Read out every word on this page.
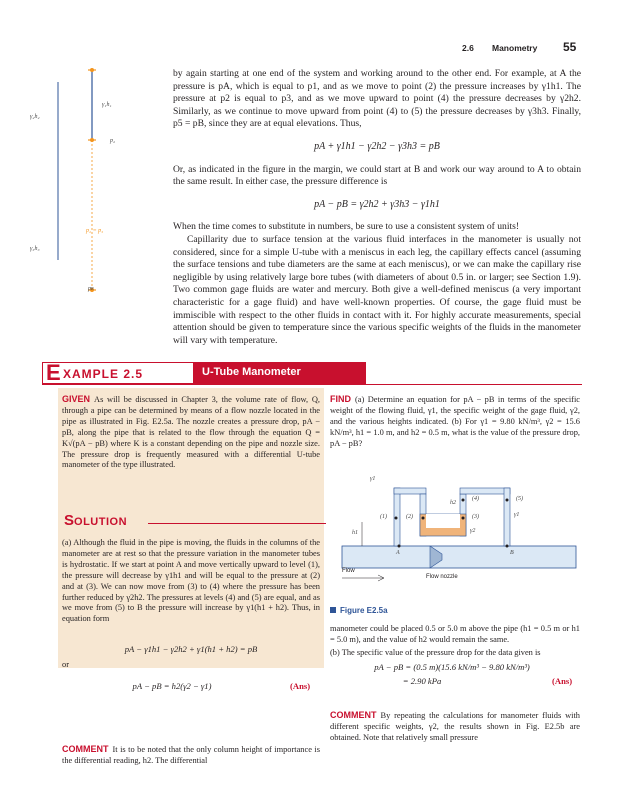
2.6 Manometry 55
γ₁h₁
γ₂h₂
p₂
p₂ = p₃
γ₃h₃
pʙ

by again starting at one end of the system and working around to the other end. For example, at A the pressure is pA, which is equal to p1, and as we move to point (2) the pressure increases by γ1h1. The pressure at p2 is equal to p3, and as we move upward to point (4) the pressure decreases by γ2h2. Similarly, as we continue to move upward from point (4) to (5) the pressure decreases by γ3h3. Finally, p5 = pB, since they are at equal elevations. Thus,

pA + γ1h1 − γ2h2 − γ3h3 = pB

Or, as indicated in the figure in the margin, we could start at B and work our way around to A to obtain the same result. In either case, the pressure difference is

pA − pB = γ2h2 + γ3h3 − γ1h1

When the time comes to substitute in numbers, be sure to use a consistent system of units!

Capillarity due to surface tension at the various fluid interfaces in the manometer is usually not considered, since for a simple U-tube with a meniscus in each leg, the capillary effects cancel (assuming the surface tensions and tube diameters are the same at each meniscus), or we can make the capillary rise negligible by using relatively large bore tubes (with diameters of about 0.5 in. or larger; see Section 1.9). Two common gage fluids are water and mercury. Both give a well-defined meniscus (a very important characteristic for a gage fluid) and have well-known properties. Of course, the gage fluid must be immiscible with respect to the other fluids in contact with it. For highly accurate measurements, special attention should be given to temperature since the various specific weights of the fluids in the manometer will vary with temperature.

E XAMPLE 2.5	U-Tube Manometer

GIVEN As will be discussed in Chapter 3, the volume rate of flow, Q, through a pipe can be determined by means of a flow nozzle located in the pipe as illustrated in Fig. E2.5a. The nozzle creates a pressure drop, pA − pB, along the pipe that is related to the flow through the equation Q = K√(pA − pB) where K is a constant depending on the pipe and nozzle size. The pressure drop is frequently measured with a differential U-tube manometer of the type illustrated.

SOLUTION

(a) Although the fluid in the pipe is moving, the fluids in the columns of the manometer are at rest so that the pressure variation in the manometer tubes is hydrostatic. If we start at point A and move vertically upward to level (1), the pressure will decrease by γ1h1 and will be equal to the pressure at (2) and at (3). We can now move from (3) to (4) where the pressure has been further reduced by γ2h2. The pressures at levels (4) and (5) are equal, and as we move from (5) to B the pressure will increase by γ1(h1 + h2). Thus, in equation form

pA − γ1h1 − γ2h2 + γ1(h1 + h2) = pB
or
pA − pB = h2(γ2 − γ1)	(Ans)

COMMENT It is to be noted that the only column height of importance is the differential reading, h2. The differential

FIND (a) Determine an equation for pA − pB in terms of the specific weight of the flowing fluid, γ1, the specific weight of the gage fluid, γ2, and the various heights indicated. (b) For γ1 = 9.80 kN/m³, γ2 = 15.6 kN/m³, h1 = 1.0 m, and h2 = 0.5 m, what is the value of the pressure drop, pA − pB?

γ1
γ1
γ2
(1)	(2)	(3)
(4)	(5)
h1
h2
A	B
Flow
Flow nozzle
Figure E2.5a

manometer could be placed 0.5 or 5.0 m above the pipe (h1 = 0.5 m or h1 = 5.0 m), and the value of h2 would remain the same.

(b) The specific value of the pressure drop for the data given is

pA − pB = (0.5 m)(15.6 kN/m³ − 9.80 kN/m³)
= 2.90 kPa	(Ans)

COMMENT By repeating the calculations for manometer fluids with different specific weights, γ2, the results shown in Fig. E2.5b are obtained. Note that relatively small pressure
